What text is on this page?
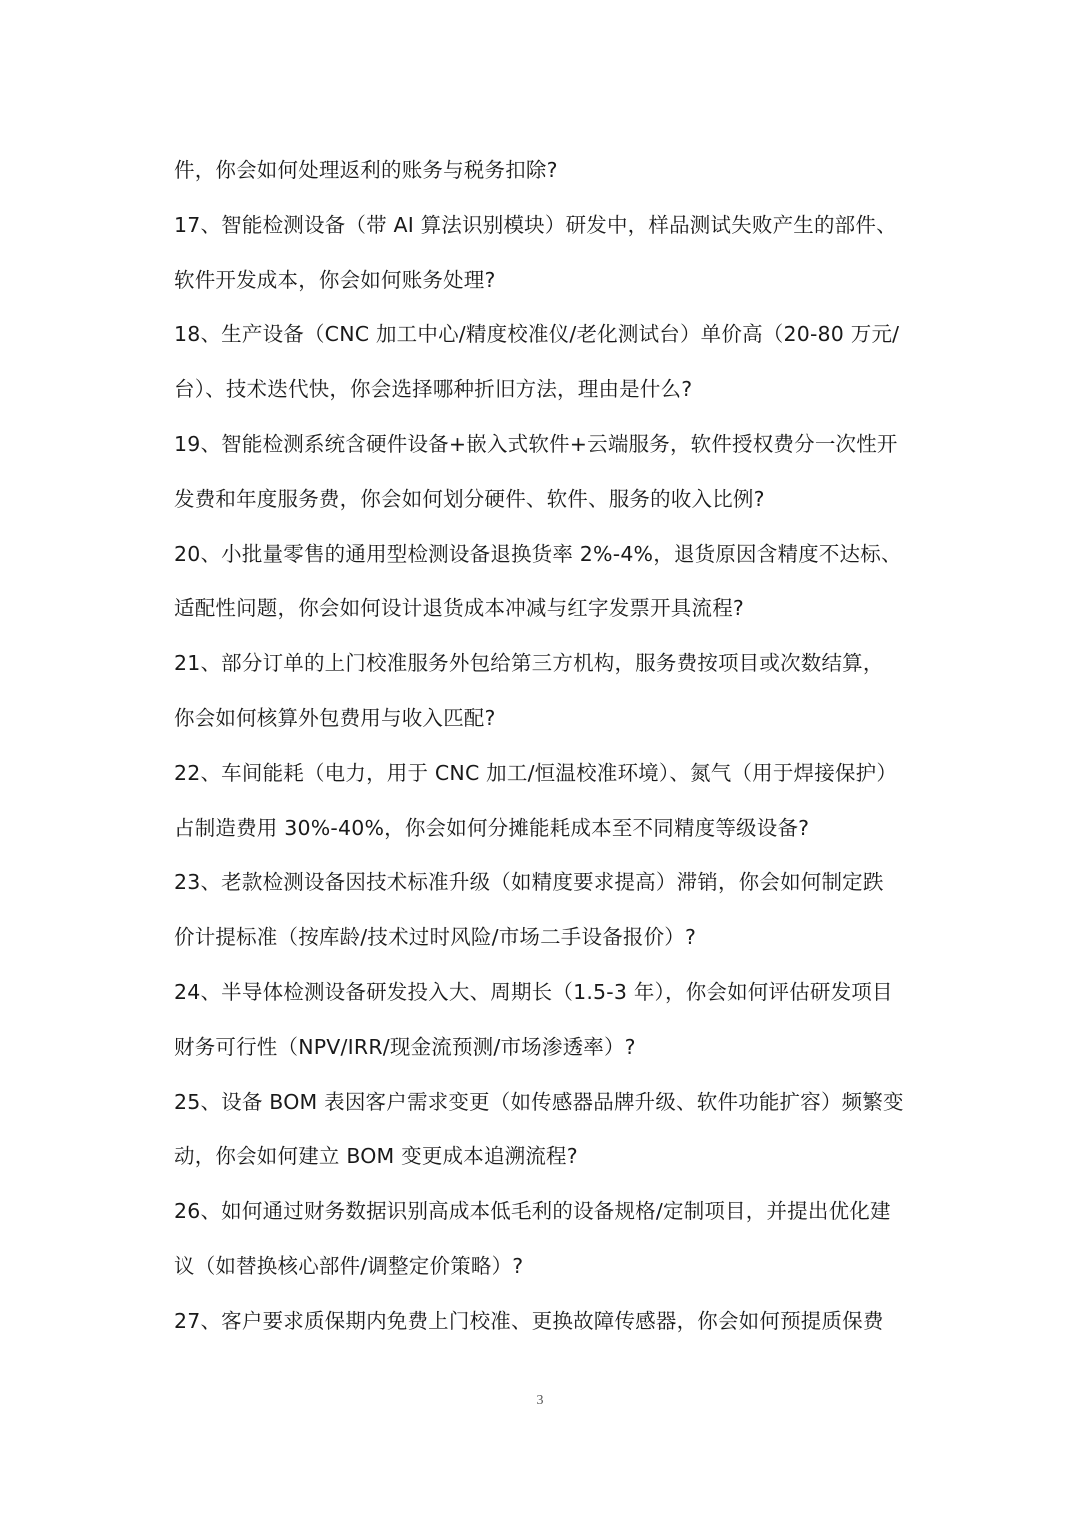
件，你会如何处理返利的账务与税务扣除?
17、智能检测设备（带 AI 算法识别模块）研发中，样品测试失败产生的部件、
软件开发成本，你会如何账务处理?
18、生产设备（CNC 加工中心/精度校准仪/老化测试台）单价高（20-80 万元/
台）、技术迭代快，你会选择哪种折旧方法，理由是什么?
19、智能检测系统含硬件设备+嵌入式软件+云端服务，软件授权费分一次性开
发费和年度服务费，你会如何划分硬件、软件、服务的收入比例?
20、小批量零售的通用型检测设备退换货率 2%-4%，退货原因含精度不达标、
适配性问题，你会如何设计退货成本冲减与红字发票开具流程?
21、部分订单的上门校准服务外包给第三方机构，服务费按项目或次数结算，
你会如何核算外包费用与收入匹配?
22、车间能耗（电力，用于 CNC 加工/恒温校准环境）、氮气（用于焊接保护）
占制造费用 30%-40%，你会如何分摊能耗成本至不同精度等级设备?
23、老款检测设备因技术标准升级（如精度要求提高）滞销，你会如何制定跌
价计提标准（按库龄/技术过时风险/市场二手设备报价）?
24、半导体检测设备研发投入大、周期长（1.5-3 年），你会如何评估研发项目
财务可行性（NPV/IRR/现金流预测/市场渗透率）?
25、设备 BOM 表因客户需求变更（如传感器品牌升级、软件功能扩容）频繁变
动，你会如何建立 BOM 变更成本追溯流程?
26、如何通过财务数据识别高成本低毛利的设备规格/定制项目，并提出优化建
议（如替换核心部件/调整定价策略）?
27、客户要求质保期内免费上门校准、更换故障传感器，你会如何预提质保费
3
